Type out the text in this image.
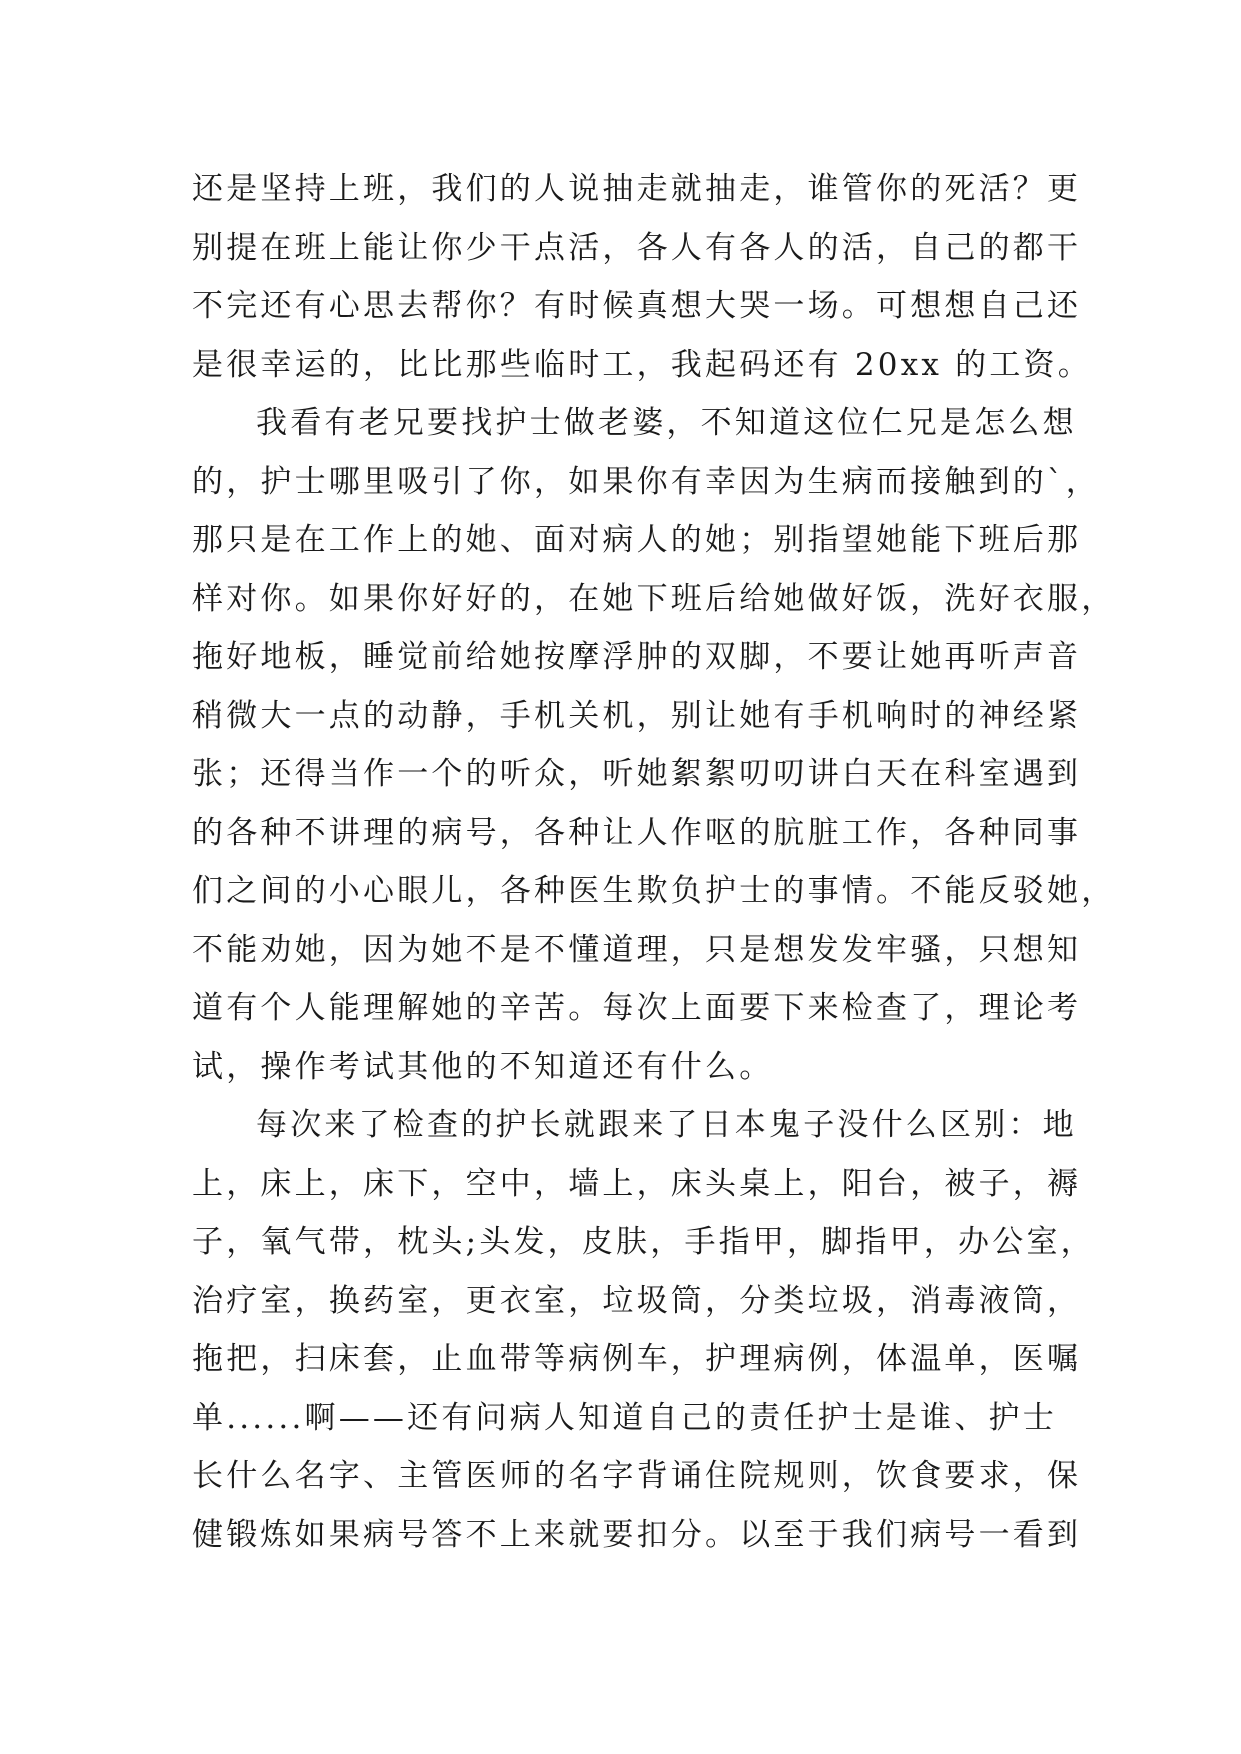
还是坚持上班，我们的人说抽走就抽走，谁管你的死活？更
别提在班上能让你少干点活，各人有各人的活，自己的都干
不完还有心思去帮你？有时候真想大哭一场。可想想自己还
是很幸运的，比比那些临时工，我起码还有 20xx 的工资。
我看有老兄要找护士做老婆，不知道这位仁兄是怎么想
的，护士哪里吸引了你，如果你有幸因为生病而接触到的`，
那只是在工作上的她、面对病人的她；别指望她能下班后那
样对你。如果你好好的，在她下班后给她做好饭，洗好衣服，
拖好地板，睡觉前给她按摩浮肿的双脚，不要让她再听声音
稍微大一点的动静，手机关机，别让她有手机响时的神经紧
张；还得当作一个的听众，听她絮絮叨叨讲白天在科室遇到
的各种不讲理的病号，各种让人作呕的肮脏工作，各种同事
们之间的小心眼儿，各种医生欺负护士的事情。不能反驳她，
不能劝她，因为她不是不懂道理，只是想发发牢骚，只想知
道有个人能理解她的辛苦。每次上面要下来检查了，理论考
试，操作考试其他的不知道还有什么。
每次来了检查的护长就跟来了日本鬼子没什么区别：地
上，床上，床下，空中，墙上，床头桌上，阳台，被子，褥
子，氧气带，枕头;头发，皮肤，手指甲，脚指甲，办公室，
治疗室，换药室，更衣室，垃圾筒，分类垃圾，消毒液筒，
拖把，扫床套，止血带等病例车，护理病例，体温单，医嘱
单......啊——还有问病人知道自己的责任护士是谁、护士
长什么名字、主管医师的名字背诵住院规则，饮食要求，保
健锻炼如果病号答不上来就要扣分。以至于我们病号一看到
